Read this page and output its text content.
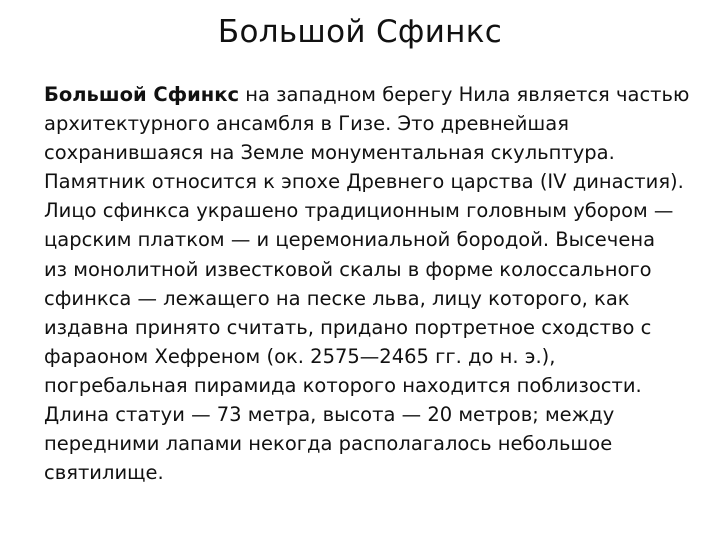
Большой Сфинкс

Большой Сфинкс на западном берегу Нила является частью
архитектурного ансамбля в Гизе. Это древнейшая
сохранившаяся на Земле монументальная скульптура.
Памятник относится к эпохе Древнего царства (IV династия).
Лицо сфинкса украшено традиционным головным убором —
царским платком — и церемониальной бородой. Высечена
из монолитной известковой скалы в форме колоссального
сфинкса — лежащего на песке льва, лицу которого, как
издавна принято считать, придано портретное сходство с
фараоном Хефреном (ок. 2575—2465 гг. до н. э.),
погребальная пирамида которого находится поблизости.
Длина статуи — 73 метра, высота — 20 метров; между
передними лапами некогда располагалось небольшое
святилище.
